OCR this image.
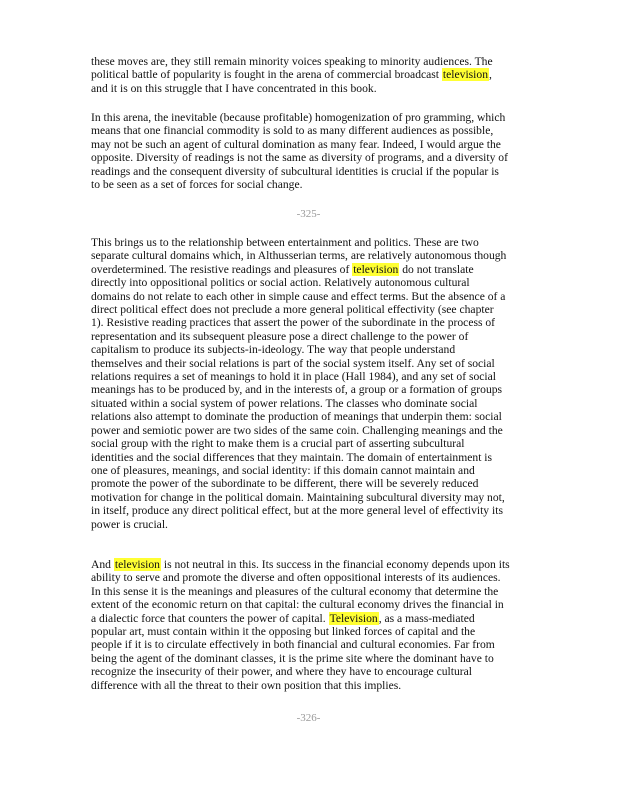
these moves are, they still remain minority voices speaking to minority audiences. The
political battle of popularity is fought in the arena of commercial broadcast television,
and it is on this struggle that I have concentrated in this book.
In this arena, the inevitable (because profitable) homogenization of pro gramming, which
means that one financial commodity is sold to as many different audiences as possible,
may not be such an agent of cultural domination as many fear. Indeed, I would argue the
opposite. Diversity of readings is not the same as diversity of programs, and a diversity of
readings and the consequent diversity of subcultural identities is crucial if the popular is
to be seen as a set of forces for social change.
-325-
This brings us to the relationship between entertainment and politics. These are two
separate cultural domains which, in Althusserian terms, are relatively autonomous though
overdetermined. The resistive readings and pleasures of television do not translate
directly into oppositional politics or social action. Relatively autonomous cultural
domains do not relate to each other in simple cause and effect terms. But the absence of a
direct political effect does not preclude a more general political effectivity (see chapter
1). Resistive reading practices that assert the power of the subordinate in the process of
representation and its subsequent pleasure pose a direct challenge to the power of
capitalism to produce its subjects-in-ideology. The way that people understand
themselves and their social relations is part of the social system itself. Any set of social
relations requires a set of meanings to hold it in place (Hall 1984), and any set of social
meanings has to be produced by, and in the interests of, a group or a formation of groups
situated within a social system of power relations. The classes who dominate social
relations also attempt to dominate the production of meanings that underpin them: social
power and semiotic power are two sides of the same coin. Challenging meanings and the
social group with the right to make them is a crucial part of asserting subcultural
identities and the social differences that they maintain. The domain of entertainment is
one of pleasures, meanings, and social identity: if this domain cannot maintain and
promote the power of the subordinate to be different, there will be severely reduced
motivation for change in the political domain. Maintaining subcultural diversity may not,
in itself, produce any direct political effect, but at the more general level of effectivity its
power is crucial.
And television is not neutral in this. Its success in the financial economy depends upon its
ability to serve and promote the diverse and often oppositional interests of its audiences.
In this sense it is the meanings and pleasures of the cultural economy that determine the
extent of the economic return on that capital: the cultural economy drives the financial in
a dialectic force that counters the power of capital. Television, as a mass-mediated
popular art, must contain within it the opposing but linked forces of capital and the
people if it is to circulate effectively in both financial and cultural economies. Far from
being the agent of the dominant classes, it is the prime site where the dominant have to
recognize the insecurity of their power, and where they have to encourage cultural
difference with all the threat to their own position that this implies.
-326-
